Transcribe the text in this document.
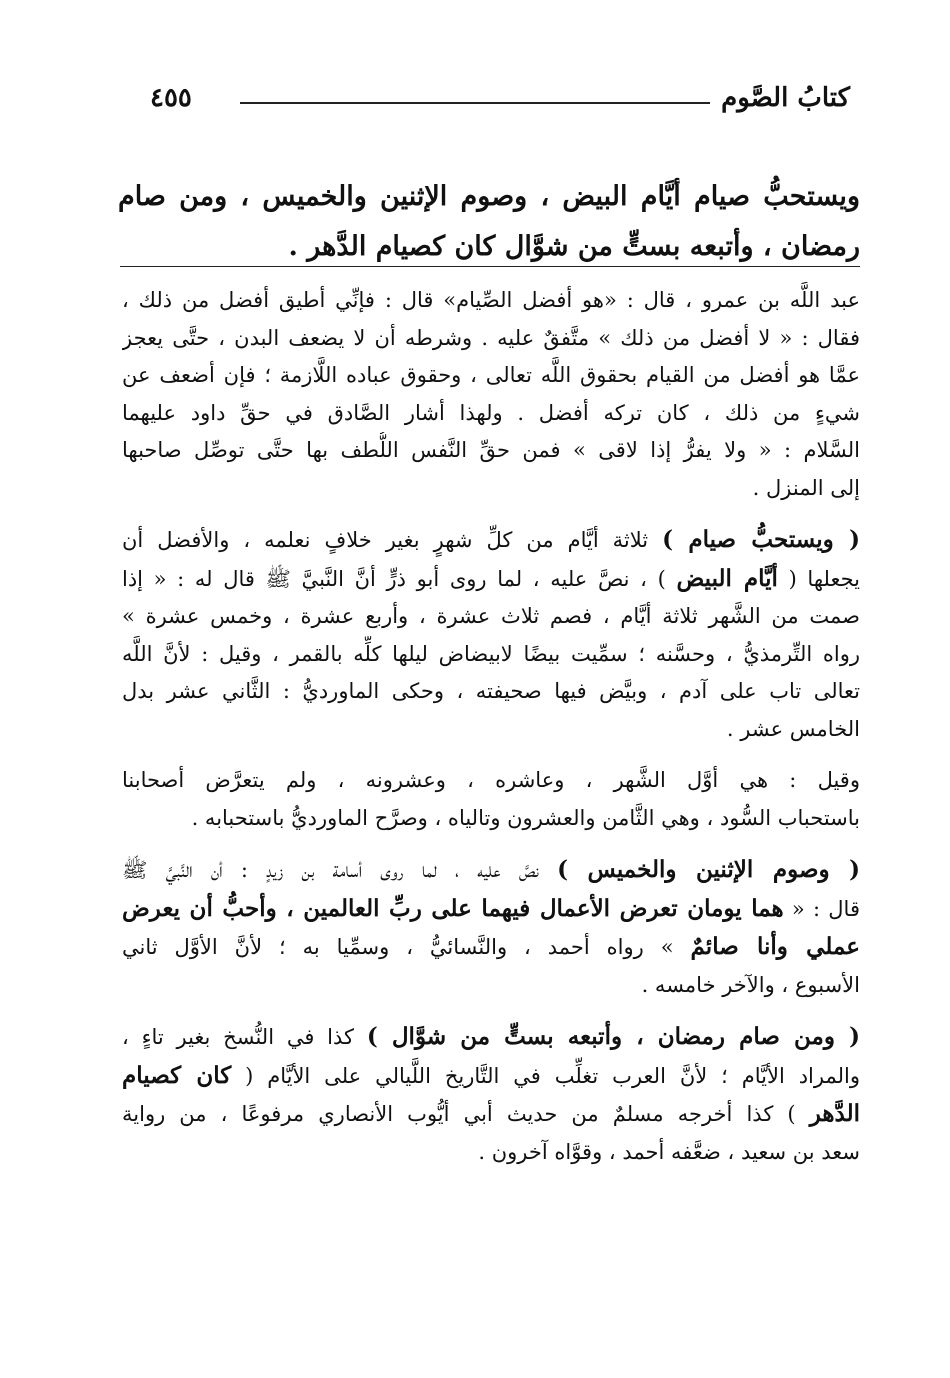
كتابُ الصَّوم
٤٥٥
ويستحبُّ صيام أيَّام البيض ، وصوم الإثنين والخميس ، ومن صام
رمضان ، وأتبعه بستٍّ من شوَّال كان كصيام الدَّهر .
عبد اللَّه بن عمرو ، قال : «هو أفضل الصِّيام» قال : فإنِّي أطيق أفضل من ذلك ،
فقال : « لا أفضل من ذلك » متَّفقٌ عليه . وشرطه أن لا يضعف البدن ، حتَّى يعجز
عمَّا هو أفضل من القيام بحقوق اللَّه تعالى ، وحقوق عباده اللَّازمة ؛ فإن أضعف عن
شيءٍ من ذلك ، كان تركه أفضل . ولهذا أشار الصَّادق في حقِّ داود عليهما
السَّلام : « ولا يفرُّ إذا لاقى » فمن حقِّ النَّفس اللُّطف بها حتَّى توصِّل صاحبها
إلى المنزل .
( ويستحبُّ صيام ) ثلاثة أيَّام من كلِّ شهرٍ بغير خلافٍ نعلمه ، والأفضل أن
يجعلها ( أيَّام البيض ) ، نصَّ عليه ، لما روى أبو ذرٍّ أنَّ النَّبيَّ ﷺ قال له : « إذا
صمت من الشَّهر ثلاثة أيَّام ، فصم ثلاث عشرة ، وأربع عشرة ، وخمس عشرة »
رواه التِّرمذيُّ ، وحسَّنه ؛ سمِّيت بيضًا لابيضاض ليلها كلِّه بالقمر ، وقيل : لأنَّ اللَّه
تعالى تاب على آدم ، وبيَّض فيها صحيفته ، وحكى الماورديُّ : الثَّاني عشر بدل
الخامس عشر .
وقيل : هي أوَّل الشَّهر ، وعاشره ، وعشرونه ، ولم يتعرَّض أصحابنا
باستحباب السُّود ، وهي الثَّامن والعشرون وتالياه ، وصرَّح الماورديُّ باستحبابه .
( وصوم الإثنين والخميس ) نصَّ عليه ، لما روى أسامة بن زيدٍ : أن النَّبيَّ ﷺ
قال : « هما يومان تعرض الأعمال فيهما على ربِّ العالمين ، وأحبُّ أن يعرض
عملي وأنا صائمٌ » رواه أحمد ، والنَّسائيُّ ، وسمِّيا به ؛ لأنَّ الأوَّل ثاني
الأسبوع ، والآخر خامسه .
( ومن صام رمضان ، وأتبعه بستٍّ من شوَّال ) كذا في النُّسخ بغير تاءٍ ،
والمراد الأيَّام ؛ لأنَّ العرب تغلِّب في التَّاريخ اللَّيالي على الأيَّام ( كان كصيام
الدَّهر ) كذا أخرجه مسلمٌ من حديث أبي أيُّوب الأنصاري مرفوعًا ، من رواية
سعد بن سعيد ، ضعَّفه أحمد ، وقوَّاه آخرون .
